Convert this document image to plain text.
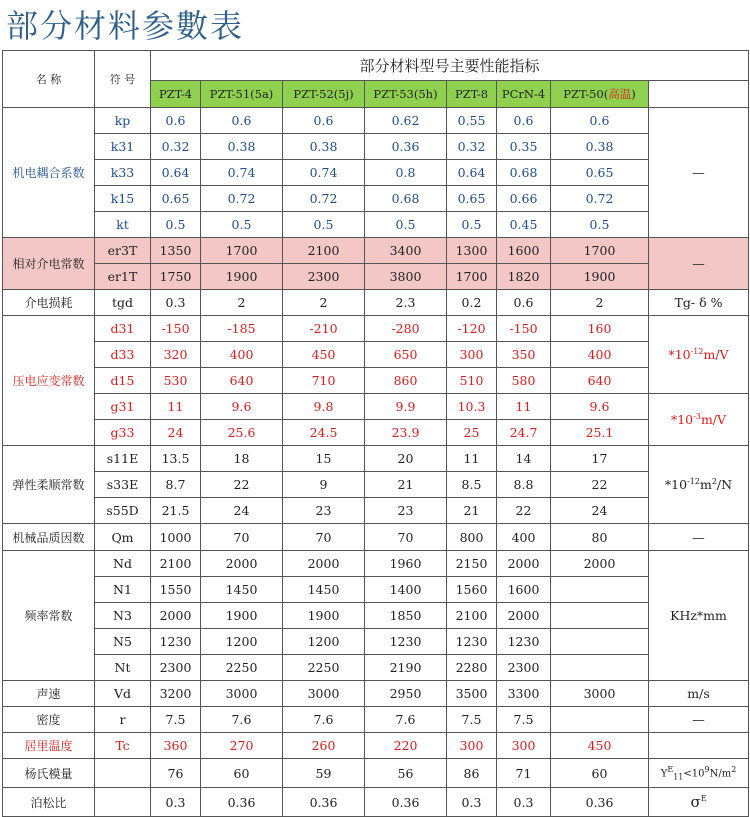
部分材料参數表
名 称	符 号	部分材料型号主要性能指标							
		PZT-4	PZT-51(5a)	PZT-52(5j)	PZT-53(5h)	PZT-8	PCrN-4	PZT-50(高温)	
机电耦合系数	kp	0.6	0.6	0.6	0.62	0.55	0.6	0.6	—
	k31	0.32	0.38	0.38	0.36	0.32	0.35	0.38	
	k33	0.64	0.74	0.74	0.8	0.64	0.68	0.65	
	k15	0.65	0.72	0.72	0.68	0.65	0.66	0.72	
	kt	0.5	0.5	0.5	0.5	0.5	0.45	0.5	
相对介电常数	er3T	1350	1700	2100	3400	1300	1600	1700	—
	er1T	1750	1900	2300	3800	1700	1820	1900	
介电损耗	tgd	0.3	2	2	2.3	0.2	0.6	2	Tg- δ %
压电应变常数	d31	-150	-185	-210	-280	-120	-150	160	$*10^{-12}m/V$
	d33	320	400	450	650	300	350	400	
	d15	530	640	710	860	510	580	640	
	g31	11	9.6	9.8	9.9	10.3	11	9.6	$*10^{-3}m/V$
	g33	24	25.6	24.5	23.9	25	24.7	25.1	
弹性柔顺常数	s11E	13.5	18	15	20	11	14	17	$*10^{-12}m^2/N$
	s33E	8.7	22	9	21	8.5	8.8	22	
	s55D	21.5	24	23	23	21	22	24	
机械品质因数	Qm	1000	70	70	70	800	400	80	—
频率常数	Nd	2100	2000	2000	1960	2150	2000	2000	KHz*mm
	N1	1550	1450	1450	1400	1560	1600		
	N3	2000	1900	1900	1850	2100	2000		
	N5	1230	1200	1200	1230	1230	1230		
	Nt	2300	2250	2250	2190	2280	2300		
声速	Vd	3200	3000	3000	2950	3500	3300	3000	m/s
密度	r	7.5	7.6	7.6	7.6	7.5	7.5		—
居里温度	Tc	360	270	260	220	300	300	450	
杨氏模量		76	60	59	56	86	71	60	$Y^E_{11}<10^9N/m^2$
泊松比		0.3	0.36	0.36	0.36	0.3	0.3	0.36	$\sigma^E$
